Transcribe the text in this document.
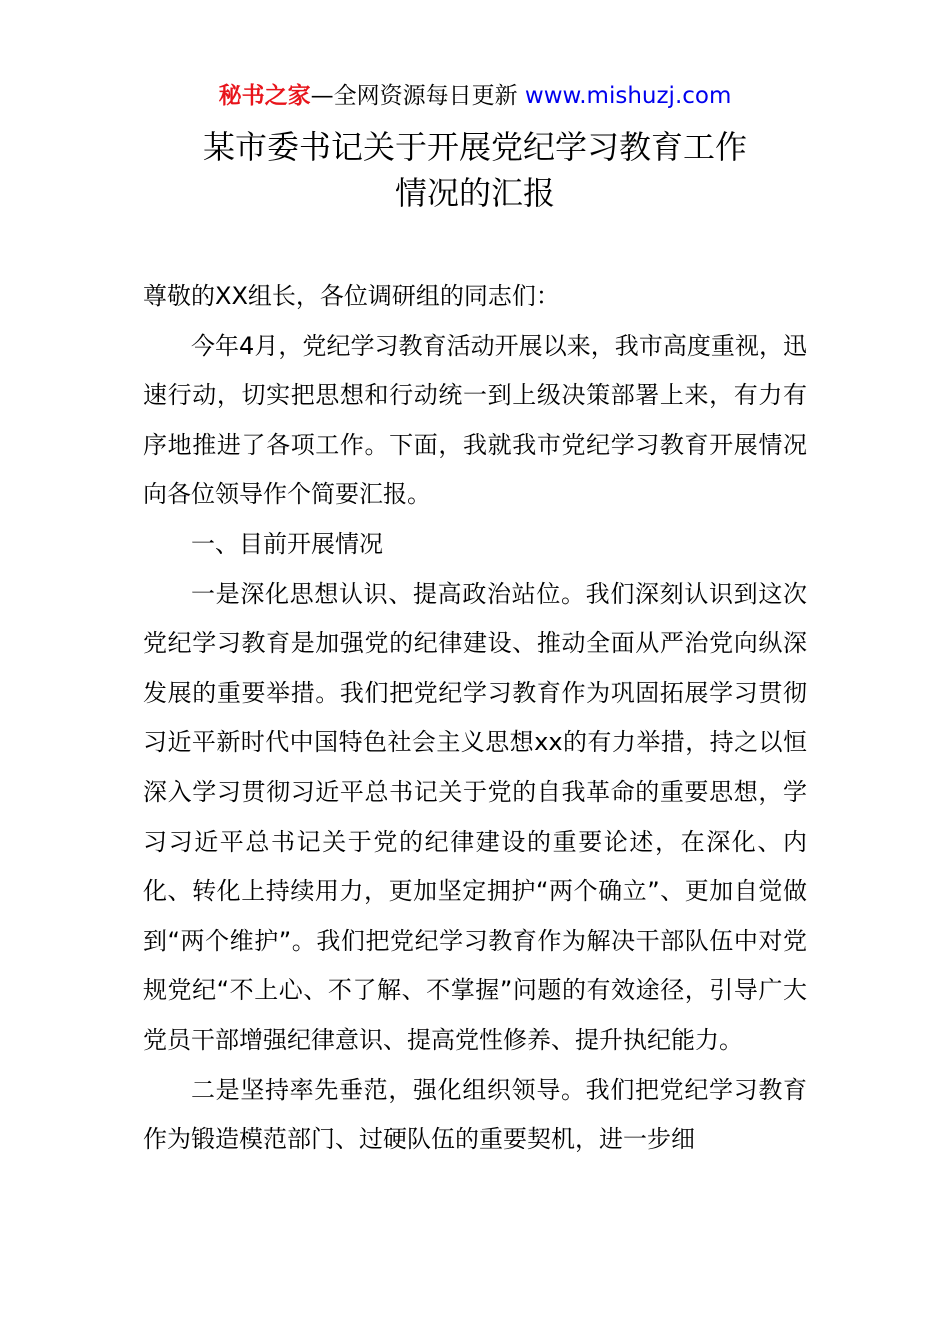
秘书之家—全网资源每日更新 www.mishuzj.com
某市委书记关于开展党纪学习教育工作
情况的汇报

尊敬的XX组长，各位调研组的同志们：

今年4月，党纪学习教育活动开展以来，我市高度重视，迅速行动，切实把思想和行动统一到上级决策部署上来，有力有序地推进了各项工作。下面，我就我市党纪学习教育开展情况向各位领导作个简要汇报。

一、目前开展情况

一是深化思想认识、提高政治站位。我们深刻认识到这次党纪学习教育是加强党的纪律建设、推动全面从严治党向纵深发展的重要举措。我们把党纪学习教育作为巩固拓展学习贯彻习近平新时代中国特色社会主义思想xx的有力举措，持之以恒深入学习贯彻习近平总书记关于党的自我革命的重要思想，学习习近平总书记关于党的纪律建设的重要论述，在深化、内化、转化上持续用力，更加坚定拥护“两个确立”、更加自觉做到“两个维护”。我们把党纪学习教育作为解决干部队伍中对党规党纪“不上心、不了解、不掌握”问题的有效途径，引导广大党员干部增强纪律意识、提高党性修养、提升执纪能力。

二是坚持率先垂范，强化组织领导。我们把党纪学习教育作为锻造模范部门、过硬队伍的重要契机，进一步细
